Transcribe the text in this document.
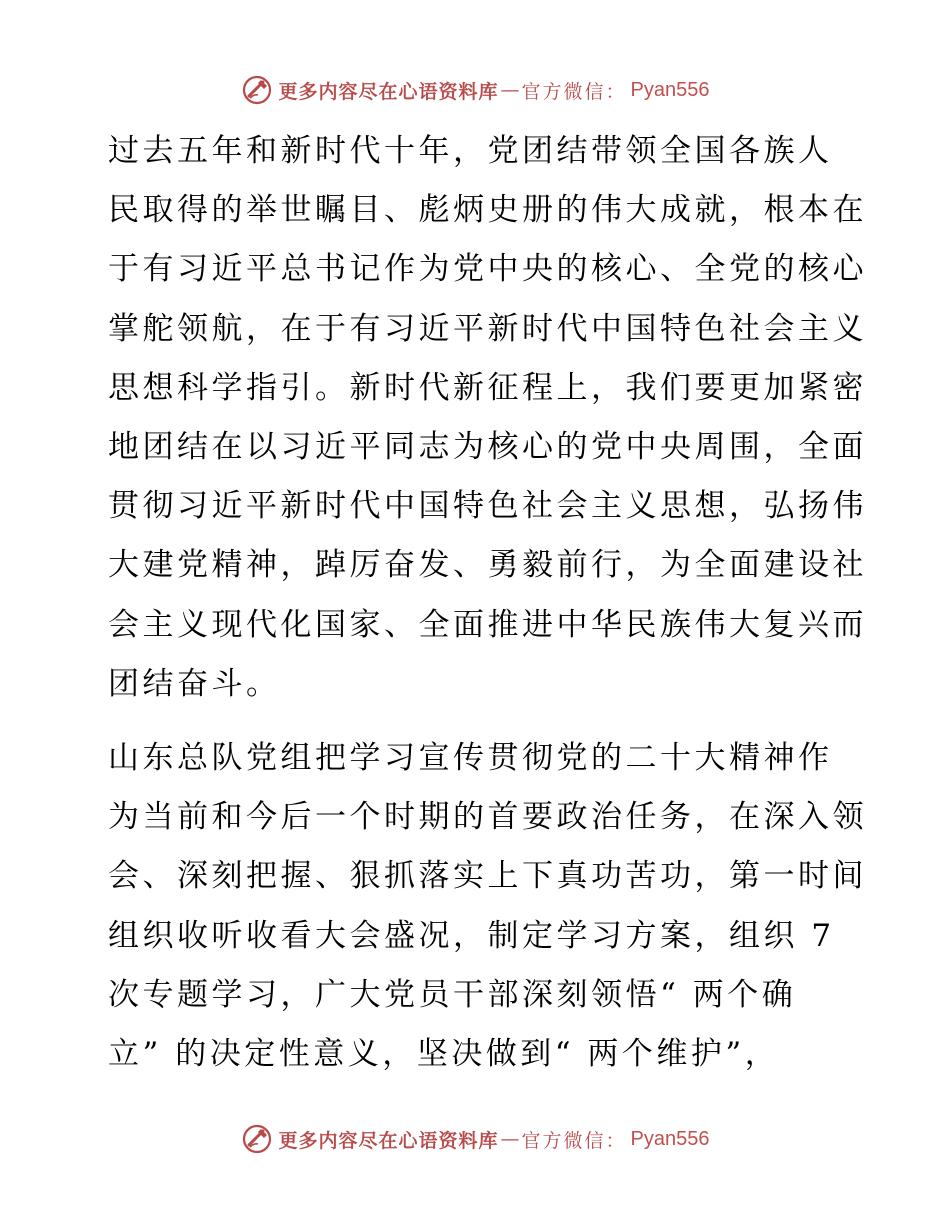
更多内容尽在心语资料库 — 官方微信： Pyan556

过去五年和新时代十年，党团结带领全国各族人
民取得的举世瞩目、彪炳史册的伟大成就，根本在
于有习近平总书记作为党中央的核心、全党的核心
掌舵领航，在于有习近平新时代中国特色社会主义
思想科学指引。新时代新征程上，我们要更加紧密
地团结在以习近平同志为核心的党中央周围，全面
贯彻习近平新时代中国特色社会主义思想，弘扬伟
大建党精神，踔厉奋发、勇毅前行，为全面建设社
会主义现代化国家、全面推进中华民族伟大复兴而
团结奋斗。

山东总队党组把学习宣传贯彻党的二十大精神作
为当前和今后一个时期的首要政治任务，在深入领
会、深刻把握、狠抓落实上下真功苦功，第一时间
组织收听收看大会盛况，制定学习方案，组织 7
次专题学习，广大党员干部深刻领悟“ 两个确
立” 的决定性意义，坚决做到“ 两个维护”，

更多内容尽在心语资料库 — 官方微信： Pyan556
